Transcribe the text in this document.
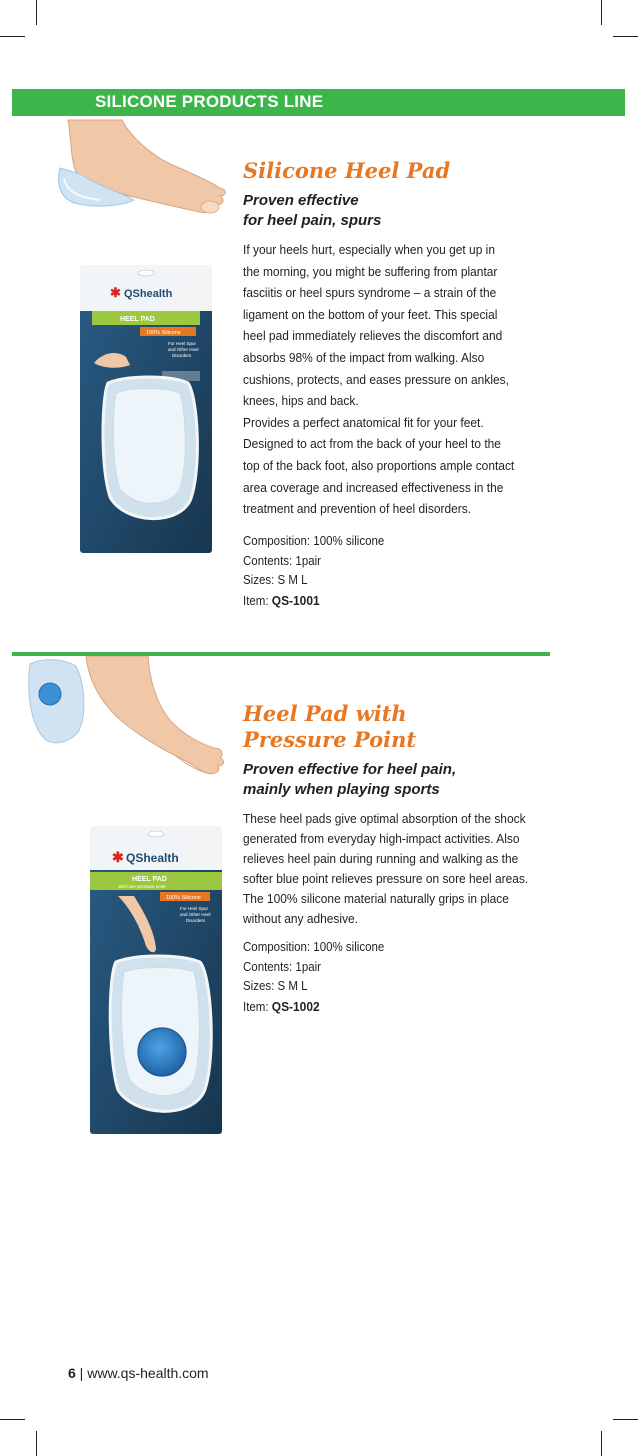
SILICONE PRODUCTS LINE
✱ QShealth
HEEL PAD
100% Silicone
For Heel Spur
and Other Heel
Disorders
Silicone Heel Pad
Proven effective
for heel pain, spurs
If your heels hurt, especially when you get up in
the morning, you might be suffering from plantar
fasciitis or heel spurs syndrome – a strain of the
ligament on the bottom of your feet. This special
heel pad immediately relieves the discomfort and
absorbs 98% of the impact from walking. Also
cushions, protects, and eases pressure on ankles,
knees, hips and back.
Provides a perfect anatomical fit for your feet.
Designed to act from the back of your heel to the
top of the back foot, also proportions ample contact
area coverage and increased effectiveness in the
treatment and prevention of heel disorders.
Composition: 100% silicone
Contents: 1pair
Sizes: S M L
Item: QS-1001
✱ QShealth
HEEL PAD
with blue pressure point
100% Silicone
For Heel Spur
and Other Heel
Disorders
Heel Pad with
Pressure Point
Proven effective for heel pain,
mainly when playing sports
These heel pads give optimal absorption of the shock
generated from everyday high-impact activities. Also
relieves heel pain during running and walking as the
softer blue point relieves pressure on sore heel areas.
The 100% silicone material naturally grips in place
without any adhesive.
Composition: 100% silicone
Contents: 1pair
Sizes: S M L
Item: QS-1002
6 | www.qs-health.com
